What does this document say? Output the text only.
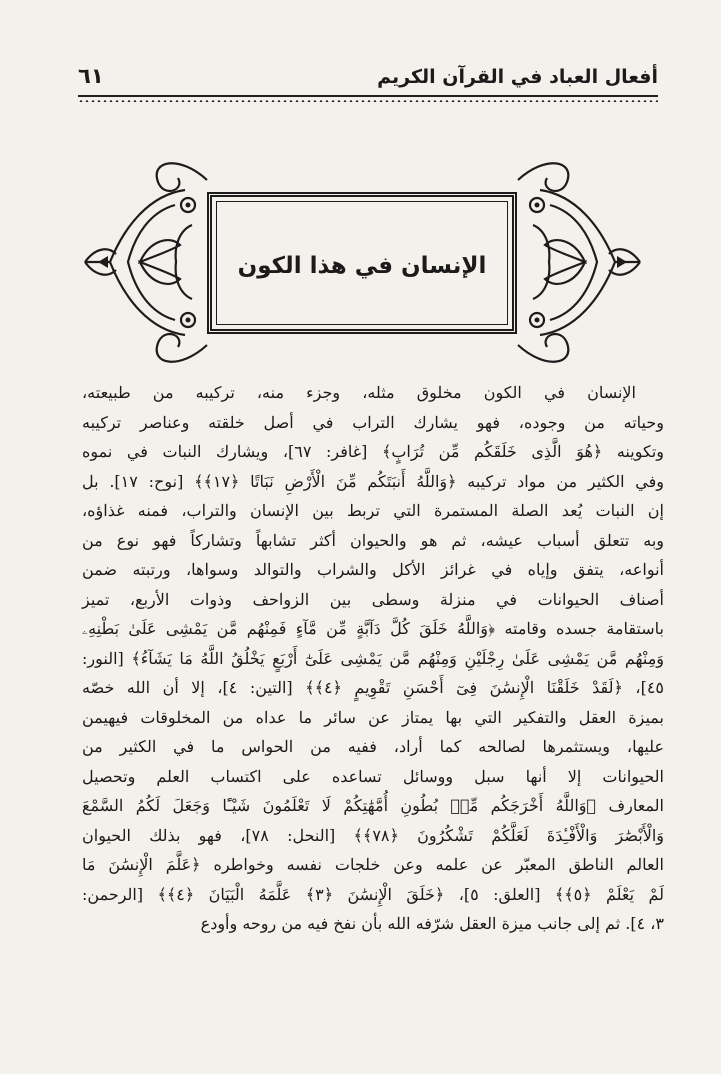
أفعال العباد في القرآن الكريم
٦١
الإنسان في هذا الكون
الإنسان في الكون مخلوق مثله، وجزء منه، تركيبه من طبيعته،
وحياته من وجوده، فهو يشارك التراب في أصل خلقته وعناصر تركيبه
وتكوينه ﴿هُوَ الَّذِى خَلَقَكُم مِّن تُرَابٍ﴾ [غافر: ٦٧]، ويشارك النبات في نموه
وفي الكثير من مواد تركيبه ﴿وَاللَّهُ أَنبَتَكُم مِّنَ الْأَرْضِ نَبَاتًا ﴿١٧﴾﴾ [نوح: ١٧]. بل
إن النبات يُعد الصلة المستمرة التي تربط بين الإنسان والتراب، فمنه غذاؤه،
وبه تتعلق أسباب عيشه، ثم هو والحيوان أكثر تشابهاً وتشاركاً فهو نوع من
أنواعه، يتفق وإياه في غرائز الأكل والشراب والتوالد وسواها، ورتبته ضمن
أصناف الحيوانات في منزلة وسطى بين الزواحف وذوات الأربع، تميز
باستقامة جسده وقامته ﴿وَاللَّهُ خَلَقَ كُلَّ دَآبَّةٍ مِّن مَّآءٍ فَمِنْهُم مَّن يَمْشِى عَلَىٰ بَطْنِهِۦ
وَمِنْهُم مَّن يَمْشِى عَلَىٰ رِجْلَيْنِ وَمِنْهُم مَّن يَمْشِى عَلَىٰٓ أَرْبَعٍ يَخْلُقُ اللَّهُ مَا يَشَآءُ﴾ [النور:
٤٥]، ﴿لَقَدْ خَلَقْنَا الْإِنسَٰنَ فِىٓ أَحْسَنِ تَقْوِيمٍ ﴿٤﴾﴾ [التين: ٤]، إلا أن الله خصّه
بميزة العقل والتفكير التي بها يمتاز عن سائر ما عداه من المخلوقات فيهيمن
عليها، ويستثمرها لصالحه كما أراد، ففيه من الحواس ما في الكثير من
الحيوانات إلا أنها سبل ووسائل تساعده على اكتساب العلم وتحصيل
المعارف ﴿وَاللَّهُ أَخْرَجَكُم مِّنۢ بُطُونِ أُمَّهَٰتِكُمْ لَا تَعْلَمُونَ شَيْـًٔا وَجَعَلَ لَكُمُ السَّمْعَ
وَالْأَبْصَٰرَ وَالْأَفْـِٔدَةَ لَعَلَّكُمْ تَشْكُرُونَ ﴿٧٨﴾﴾ [النحل: ٧٨]، فهو بذلك الحيوان
العالم الناطق المعبّر عن علمه وعن خلجات نفسه وخواطره ﴿عَلَّمَ الْإِنسَٰنَ مَا
لَمْ يَعْلَمْ ﴿٥﴾﴾ [العلق: ٥]، ﴿خَلَقَ الْإِنسَٰنَ ﴿٣﴾ عَلَّمَهُ الْبَيَانَ ﴿٤﴾﴾ [الرحمن:
٣، ٤]. ثم إلى جانب ميزة العقل شرّفه الله بأن نفخ فيه من روحه وأودع
